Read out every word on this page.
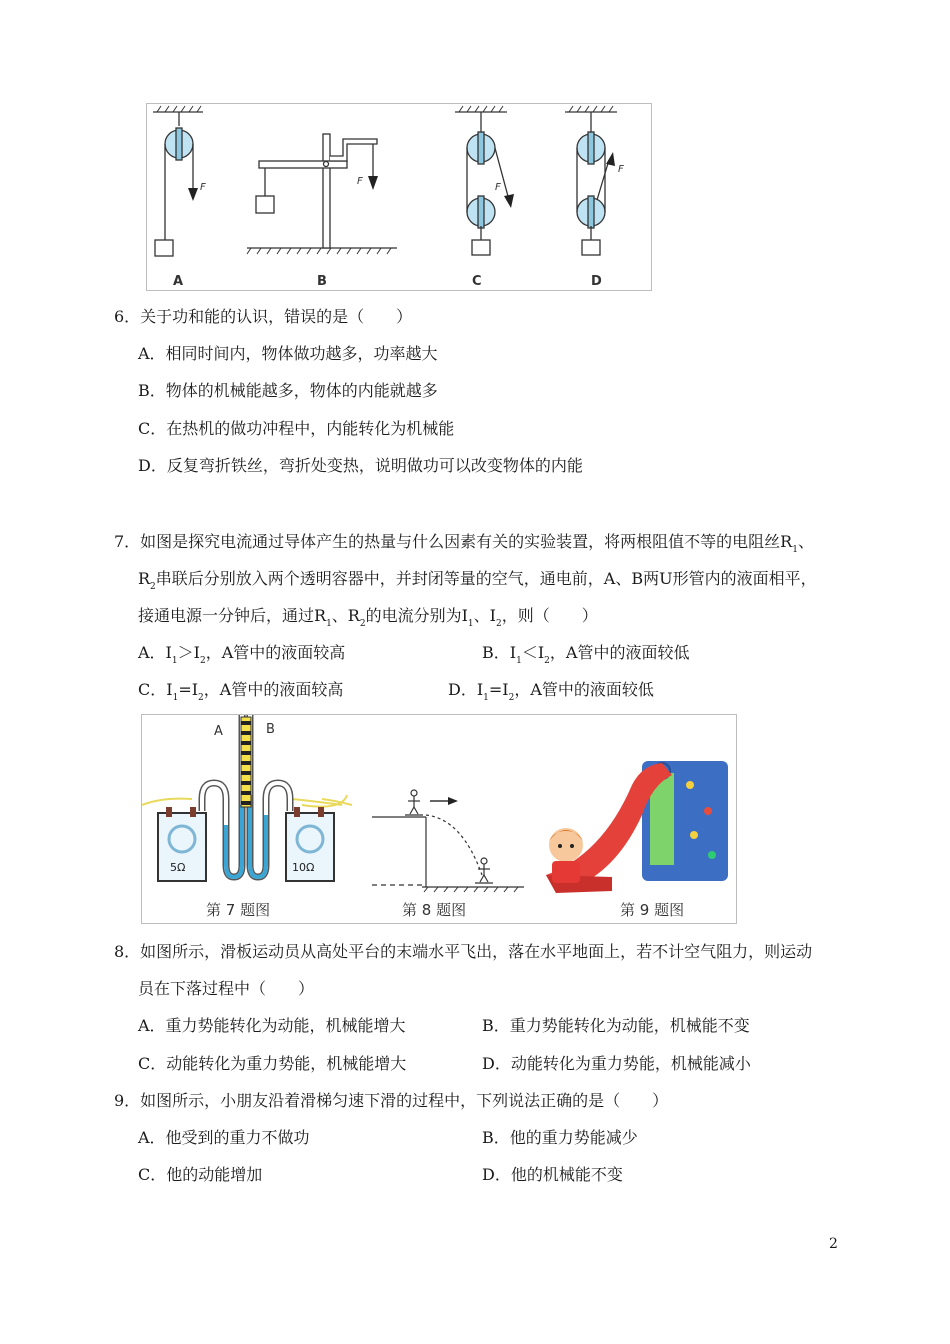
F
F
F
F
A	B	C	D
6．关于功和能的认识，错误的是（　　）
A．相同时间内，物体做功越多，功率越大
B．物体的机械能越多，物体的内能就越多
C．在热机的做功冲程中，内能转化为机械能
D．反复弯折铁丝，弯折处变热，说明做功可以改变物体的内能
7．如图是探究电流通过导体产生的热量与什么因素有关的实验装置，将两根阻值不等的电阻丝$R_1$、
$R_2$串联后分别放入两个透明容器中，并封闭等量的空气，通电前，A、B两U形管内的液面相平，
接通电源一分钟后，通过$R_1$、$R_2$的电流分别为$I_1$、$I_2$，则（　　）
A．$I_1>I_2$，A管中的液面较高	B．$I_1<I_2$，A管中的液面较低
C．$I_1=I_2$，A管中的液面较高	D．$I_1=I_2$，A管中的液面较低
5Ω	10Ω
A	B
第 7 题图	第 8 题图	第 9 题图
8．如图所示，滑板运动员从高处平台的末端水平飞出，落在水平地面上，若不计空气阻力，则运动
员在下落过程中（　　）
A．重力势能转化为动能，机械能增大	B．重力势能转化为动能，机械能不变
C．动能转化为重力势能，机械能增大	D．动能转化为重力势能，机械能减小
9．如图所示，小朋友沿着滑梯匀速下滑的过程中，下列说法正确的是（　　）
A．他受到的重力不做功	B．他的重力势能减少
C．他的动能增加	D．他的机械能不变
2
